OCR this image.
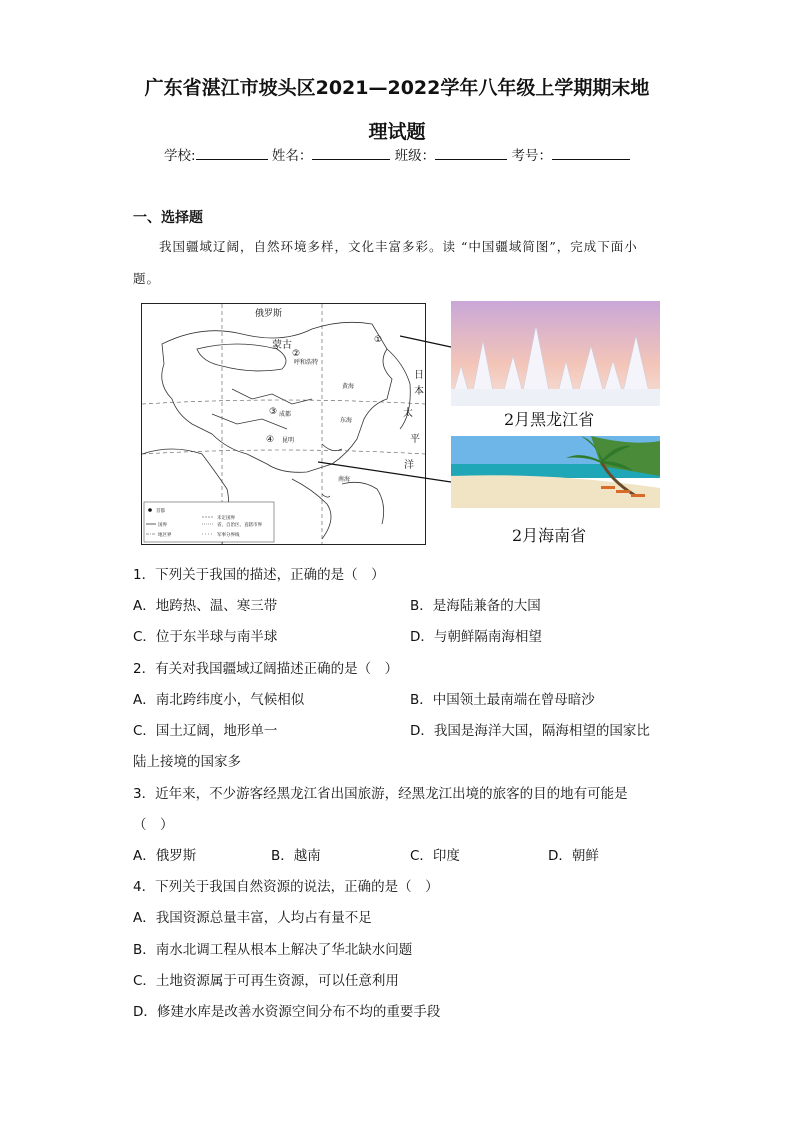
广东省湛江市坡头区2021—2022学年八年级上学期期末地
理试题
学校:	姓名：	班级：	考号：
一、选择题
我国疆域辽阔，自然环境多样，文化丰富多彩。读 “中国疆域简图”，完成下面小题。
俄罗斯
蒙古
呼和浩特
黄海
成都
东海
昆明
南海
日
本
太
平
洋
①
②
③
④
首都
未定国界
国界	省、自治区、直辖市界
地区界	军事分界线
2月黑龙江省
2月海南省
1．下列关于我国的描述，正确的是（　）
A．地跨热、温、寒三带	B．是海陆兼备的大国
C．位于东半球与南半球	D．与朝鲜隔南海相望
2．有关对我国疆域辽阔描述正确的是（　）
A．南北跨纬度小，气候相似	B．中国领土最南端在曾母暗沙
C．国土辽阔，地形单一	D．我国是海洋大国，隔海相望的国家比
陆上接境的国家多
3．近年来，不少游客经黑龙江省出国旅游，经黑龙江出境的旅客的目的地有可能是
（　）
A．俄罗斯	B．越南	C．印度	D．朝鲜
4．下列关于我国自然资源的说法，正确的是（　）
A．我国资源总量丰富，人均占有量不足
B．南水北调工程从根本上解决了华北缺水问题
C．土地资源属于可再生资源，可以任意利用
D．修建水库是改善水资源空间分布不均的重要手段
